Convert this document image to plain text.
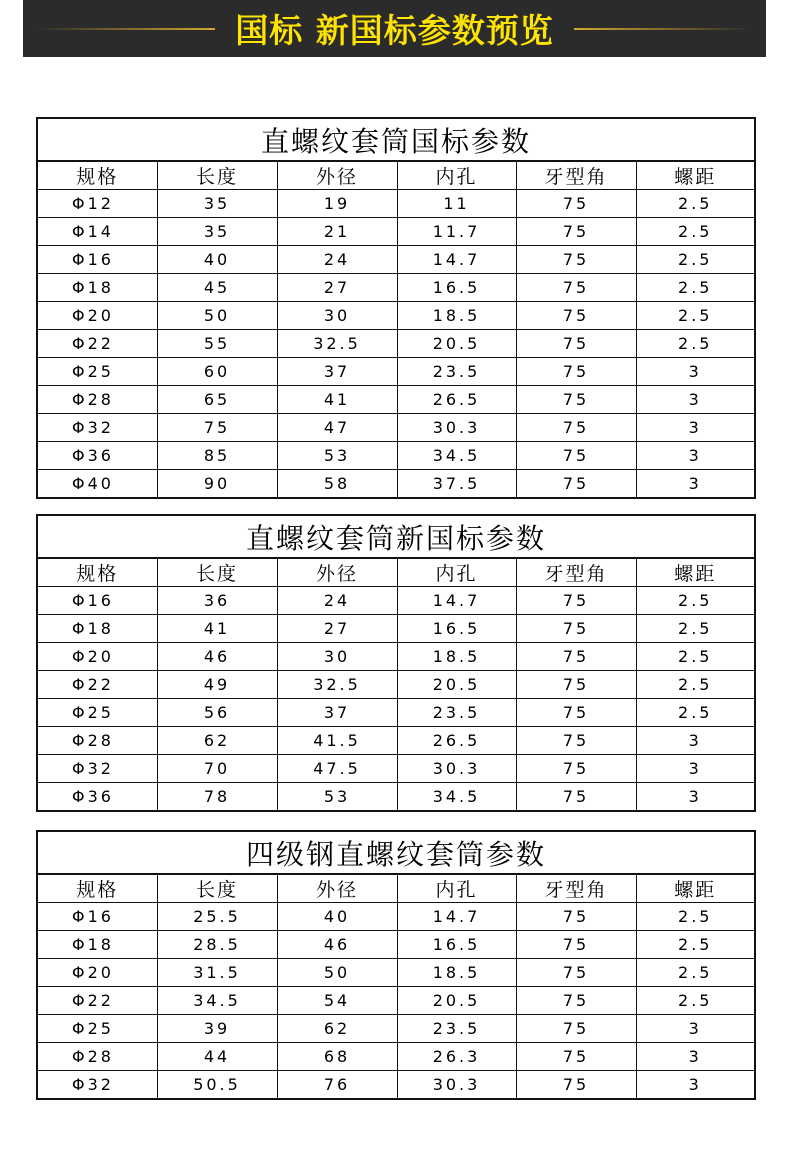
国标 新国标参数预览
直螺纹套筒国标参数
规格	长度	外径	内孔	牙型角	螺距
Φ12	35	19	11	75	2.5
Φ14	35	21	11.7	75	2.5
Φ16	40	24	14.7	75	2.5
Φ18	45	27	16.5	75	2.5
Φ20	50	30	18.5	75	2.5
Φ22	55	32.5	20.5	75	2.5
Φ25	60	37	23.5	75	3
Φ28	65	41	26.5	75	3
Φ32	75	47	30.3	75	3
Φ36	85	53	34.5	75	3
Φ40	90	58	37.5	75	3
直螺纹套筒新国标参数
规格	长度	外径	内孔	牙型角	螺距
Φ16	36	24	14.7	75	2.5
Φ18	41	27	16.5	75	2.5
Φ20	46	30	18.5	75	2.5
Φ22	49	32.5	20.5	75	2.5
Φ25	56	37	23.5	75	2.5
Φ28	62	41.5	26.5	75	3
Φ32	70	47.5	30.3	75	3
Φ36	78	53	34.5	75	3
四级钢直螺纹套筒参数
规格	长度	外径	内孔	牙型角	螺距
Φ16	25.5	40	14.7	75	2.5
Φ18	28.5	46	16.5	75	2.5
Φ20	31.5	50	18.5	75	2.5
Φ22	34.5	54	20.5	75	2.5
Φ25	39	62	23.5	75	3
Φ28	44	68	26.3	75	3
Φ32	50.5	76	30.3	75	3
